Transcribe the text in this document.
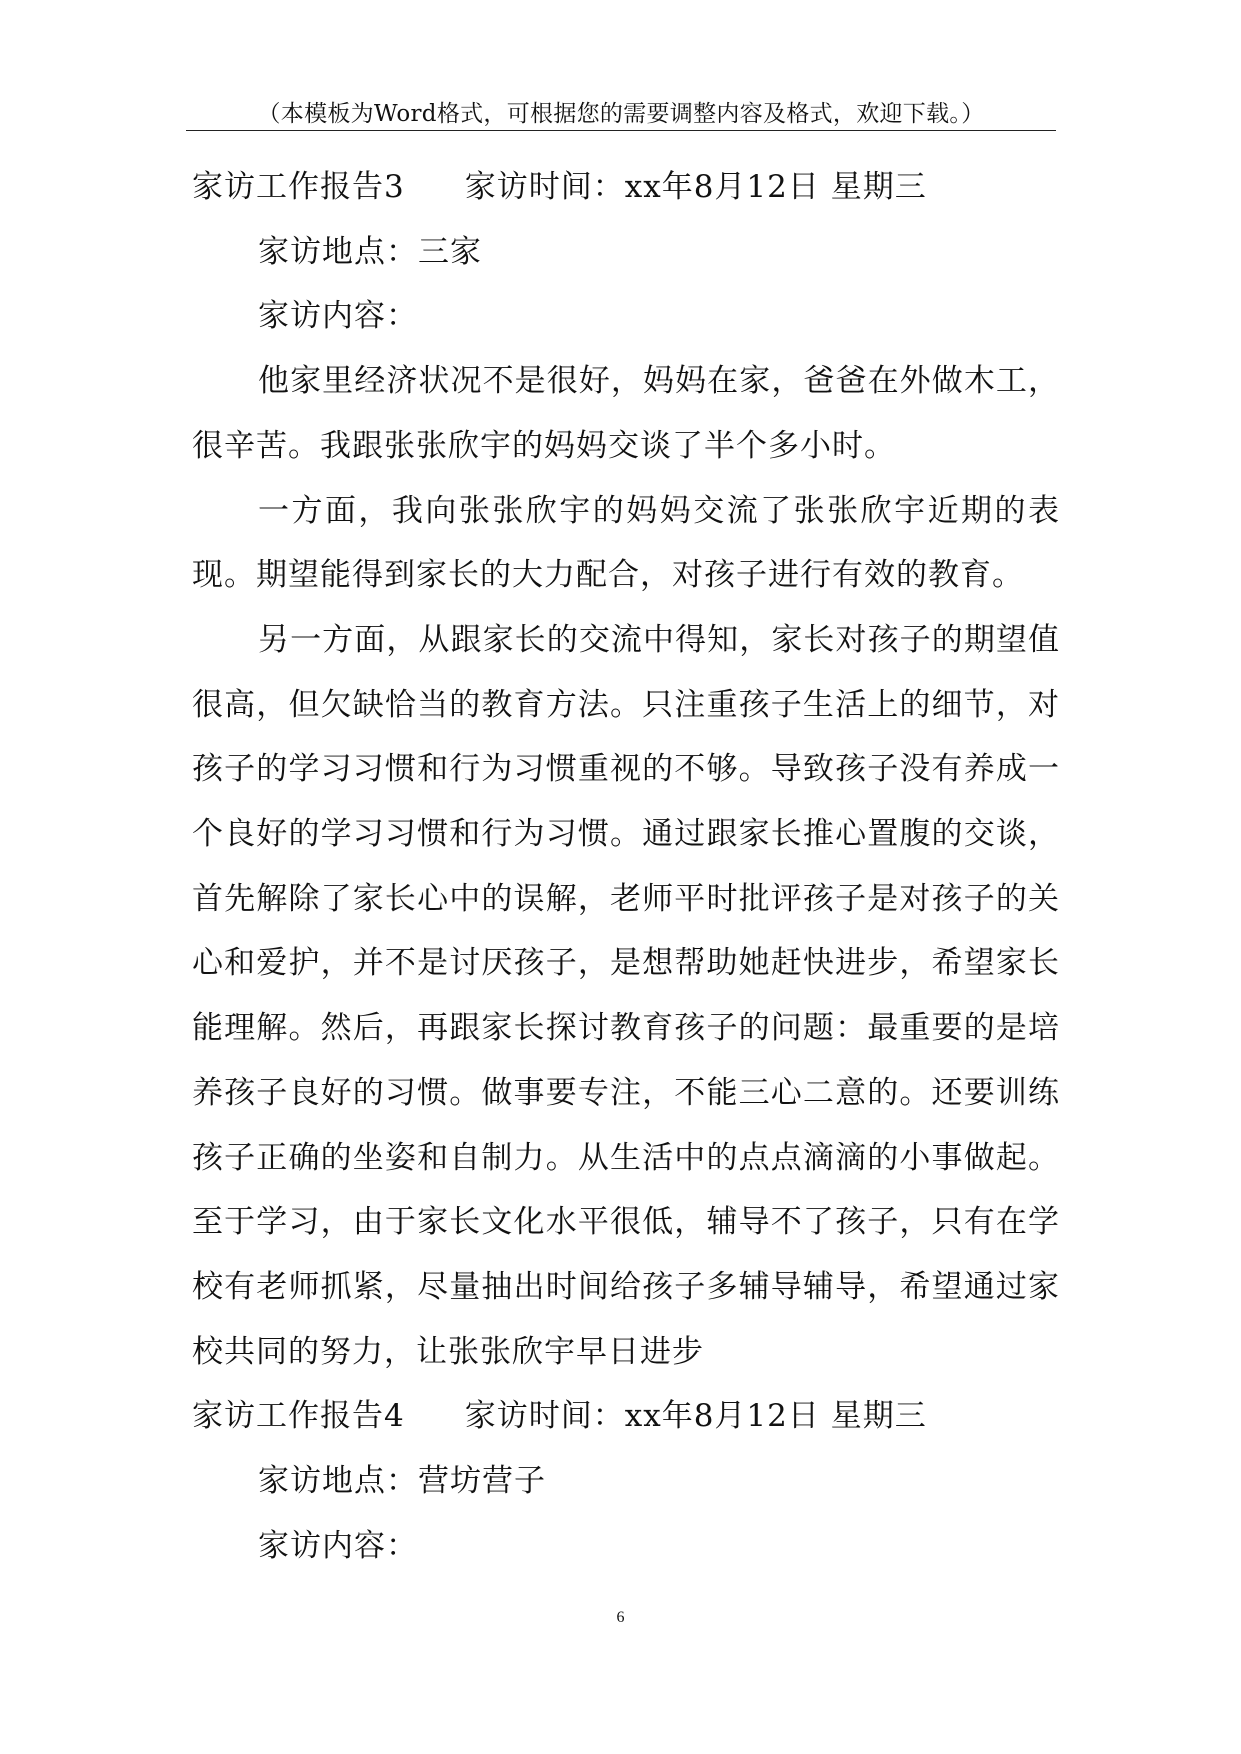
（本模板为Word格式，可根据您的需要调整内容及格式，欢迎下载。）

家访工作报告3 家访时间：xx年8月12日 星期三

家访地点：三家

家访内容：

他家里经济状况不是很好，妈妈在家，爸爸在外做木工，很辛苦。我跟张张欣宇的妈妈交谈了半个多小时。

一方面，我向张张欣宇的妈妈交流了张张欣宇近期的表现。期望能得到家长的大力配合，对孩子进行有效的教育。

另一方面，从跟家长的交流中得知，家长对孩子的期望值很高，但欠缺恰当的教育方法。只注重孩子生活上的细节，对孩子的学习习惯和行为习惯重视的不够。导致孩子没有养成一个良好的学习习惯和行为习惯。通过跟家长推心置腹的交谈，首先解除了家长心中的误解，老师平时批评孩子是对孩子的关心和爱护，并不是讨厌孩子，是想帮助她赶快进步，希望家长能理解。然后，再跟家长探讨教育孩子的问题：最重要的是培养孩子良好的习惯。做事要专注，不能三心二意的。还要训练孩子正确的坐姿和自制力。从生活中的点点滴滴的小事做起。至于学习，由于家长文化水平很低，辅导不了孩子，只有在学校有老师抓紧，尽量抽出时间给孩子多辅导辅导，希望通过家校共同的努力，让张张欣宇早日进步

家访工作报告4 家访时间：xx年8月12日 星期三

家访地点：营坊营子

家访内容：

6
